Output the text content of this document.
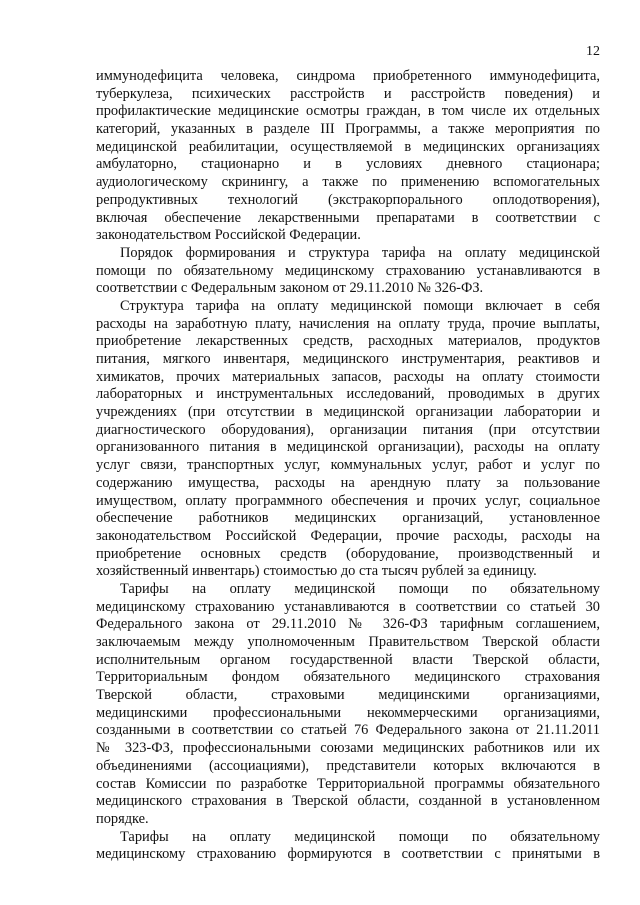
12
иммунодефицита человека, синдрома приобретенного иммунодефицита,
туберкулеза, психических расстройств и расстройств поведения) и
профилактические медицинские осмотры граждан, в том числе их отдельных
категорий, указанных в разделе III Программы, а также мероприятия по
медицинской реабилитации, осуществляемой в медицинских организациях
амбулаторно, стационарно и в условиях дневного стационара;
аудиологическому скринингу, а также по применению вспомогательных
репродуктивных технологий (экстракорпорального оплодотворения),
включая обеспечение лекарственными препаратами в соответствии с
законодательством Российской Федерации.
Порядок формирования и структура тарифа на оплату медицинской
помощи по обязательному медицинскому страхованию устанавливаются в
соответствии с Федеральным законом от 29.11.2010 № 326-ФЗ.
Структура тарифа на оплату медицинской помощи включает в себя
расходы на заработную плату, начисления на оплату труда, прочие выплаты,
приобретение лекарственных средств, расходных материалов, продуктов
питания, мягкого инвентаря, медицинского инструментария, реактивов и
химикатов, прочих материальных запасов, расходы на оплату стоимости
лабораторных и инструментальных исследований, проводимых в других
учреждениях (при отсутствии в медицинской организации лаборатории и
диагностического оборудования), организации питания (при отсутствии
организованного питания в медицинской организации), расходы на оплату
услуг связи, транспортных услуг, коммунальных услуг, работ и услуг по
содержанию имущества, расходы на арендную плату за пользование
имуществом, оплату программного обеспечения и прочих услуг, социальное
обеспечение работников медицинских организаций, установленное
законодательством Российской Федерации, прочие расходы, расходы на
приобретение основных средств (оборудование, производственный и
хозяйственный инвентарь) стоимостью до ста тысяч рублей за единицу.
Тарифы на оплату медицинской помощи по обязательному
медицинскому страхованию устанавливаются в соответствии со статьей 30
Федерального закона от 29.11.2010 № 326-ФЗ тарифным соглашением,
заключаемым между уполномоченным Правительством Тверской области
исполнительным органом государственной власти Тверской области,
Территориальным фондом обязательного медицинского страхования
Тверской области, страховыми медицинскими организациями,
медицинскими профессиональными некоммерческими организациями,
созданными в соответствии со статьей 76 Федерального закона от 21.11.2011
№ 323-ФЗ, профессиональными союзами медицинских работников или их
объединениями (ассоциациями), представители которых включаются в
состав Комиссии по разработке Территориальной программы обязательного
медицинского страхования в Тверской области, созданной в установленном
порядке.
Тарифы на оплату медицинской помощи по обязательному
медицинскому страхованию формируются в соответствии с принятыми в
